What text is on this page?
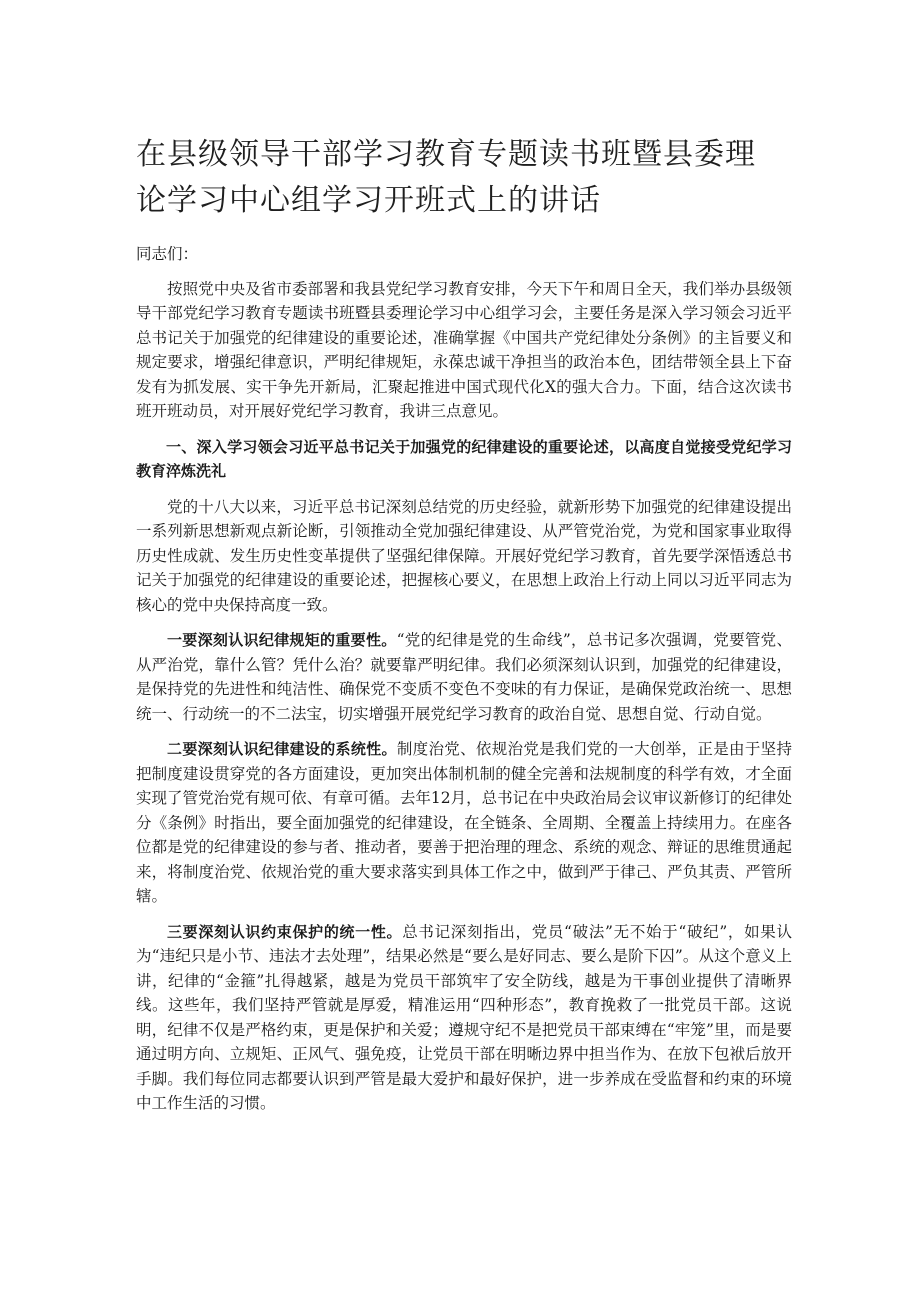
在县级领导干部学习教育专题读书班暨县委理论学习中心组学习开班式上的讲话

同志们：

按照党中央及省市委部署和我县党纪学习教育安排，今天下午和周日全天，我们举办县级领导干部党纪学习教育专题读书班暨县委理论学习中心组学习会，主要任务是深入学习领会习近平总书记关于加强党的纪律建设的重要论述，准确掌握《中国共产党纪律处分条例》的主旨要义和规定要求，增强纪律意识，严明纪律规矩，永葆忠诚干净担当的政治本色，团结带领全县上下奋发有为抓发展、实干争先开新局，汇聚起推进中国式现代化X的强大合力。下面，结合这次读书班开班动员，对开展好党纪学习教育，我讲三点意见。

一、深入学习领会习近平总书记关于加强党的纪律建设的重要论述，以高度自觉接受党纪学习教育淬炼洗礼

党的十八大以来，习近平总书记深刻总结党的历史经验，就新形势下加强党的纪律建设提出一系列新思想新观点新论断，引领推动全党加强纪律建设、从严管党治党，为党和国家事业取得历史性成就、发生历史性变革提供了坚强纪律保障。开展好党纪学习教育，首先要学深悟透总书记关于加强党的纪律建设的重要论述，把握核心要义，在思想上政治上行动上同以习近平同志为核心的党中央保持高度一致。

一要深刻认识纪律规矩的重要性。“党的纪律是党的生命线”，总书记多次强调，党要管党、从严治党，靠什么管？凭什么治？就要靠严明纪律。我们必须深刻认识到，加强党的纪律建设，是保持党的先进性和纯洁性、确保党不变质不变色不变味的有力保证，是确保党政治统一、思想统一、行动统一的不二法宝，切实增强开展党纪学习教育的政治自觉、思想自觉、行动自觉。

二要深刻认识纪律建设的系统性。制度治党、依规治党是我们党的一大创举，正是由于坚持把制度建设贯穿党的各方面建设，更加突出体制机制的健全完善和法规制度的科学有效，才全面实现了管党治党有规可依、有章可循。去年12月，总书记在中央政治局会议审议新修订的纪律处分《条例》时指出，要全面加强党的纪律建设，在全链条、全周期、全覆盖上持续用力。在座各位都是党的纪律建设的参与者、推动者，要善于把治理的理念、系统的观念、辩证的思维贯通起来，将制度治党、依规治党的重大要求落实到具体工作之中，做到严于律己、严负其责、严管所辖。

三要深刻认识约束保护的统一性。总书记深刻指出，党员“破法”无不始于“破纪”，如果认为“违纪只是小节、违法才去处理”，结果必然是“要么是好同志、要么是阶下囚”。从这个意义上讲，纪律的“金箍”扎得越紧，越是为党员干部筑牢了安全防线，越是为干事创业提供了清晰界线。这些年，我们坚持严管就是厚爱，精准运用“四种形态”，教育挽救了一批党员干部。这说明，纪律不仅是严格约束，更是保护和关爱；遵规守纪不是把党员干部束缚在“牢笼”里，而是要通过明方向、立规矩、正风气、强免疫，让党员干部在明晰边界中担当作为、在放下包袱后放开手脚。我们每位同志都要认识到严管是最大爱护和最好保护，进一步养成在受监督和约束的环境中工作生活的习惯。
